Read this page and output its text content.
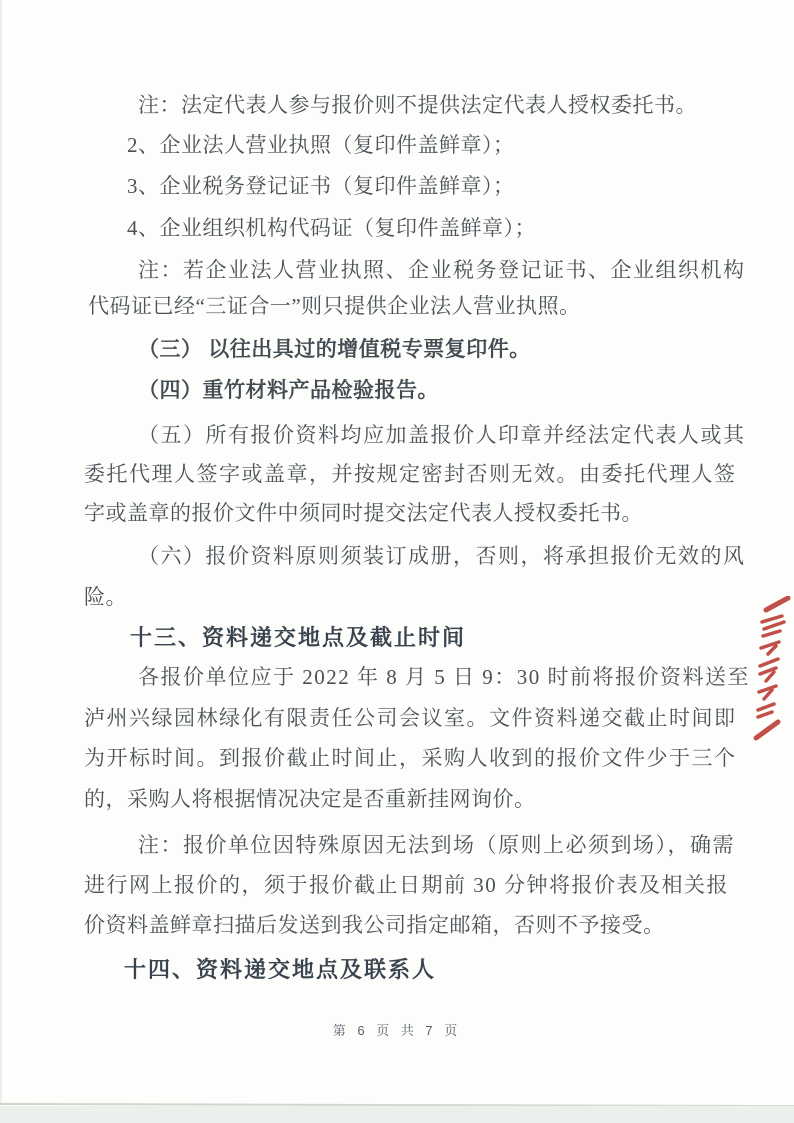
注：法定代表人参与报价则不提供法定代表人授权委托书。
2、企业法人营业执照（复印件盖鲜章）；
3、企业税务登记证书（复印件盖鲜章）；
4、企业组织机构代码证（复印件盖鲜章）；
注：若企业法人营业执照、企业税务登记证书、企业组织机构
代码证已经“三证合一”则只提供企业法人营业执照。
（三） 以往出具过的增值税专票复印件。
（四）重竹材料产品检验报告。
（五）所有报价资料均应加盖报价人印章并经法定代表人或其
委托代理人签字或盖章，并按规定密封否则无效。由委托代理人签
字或盖章的报价文件中须同时提交法定代表人授权委托书。
（六）报价资料原则须装订成册，否则，将承担报价无效的风
险。
十三、资料递交地点及截止时间
各报价单位应于 2022 年 8 月 5 日 9：30 时前将报价资料送至
泸州兴绿园林绿化有限责任公司会议室。文件资料递交截止时间即
为开标时间。到报价截止时间止，采购人收到的报价文件少于三个
的，采购人将根据情况决定是否重新挂网询价。
注：报价单位因特殊原因无法到场（原则上必须到场），确需
进行网上报价的，须于报价截止日期前 30 分钟将报价表及相关报
价资料盖鲜章扫描后发送到我公司指定邮箱，否则不予接受。
十四、资料递交地点及联系人
第 6 页 共 7 页
